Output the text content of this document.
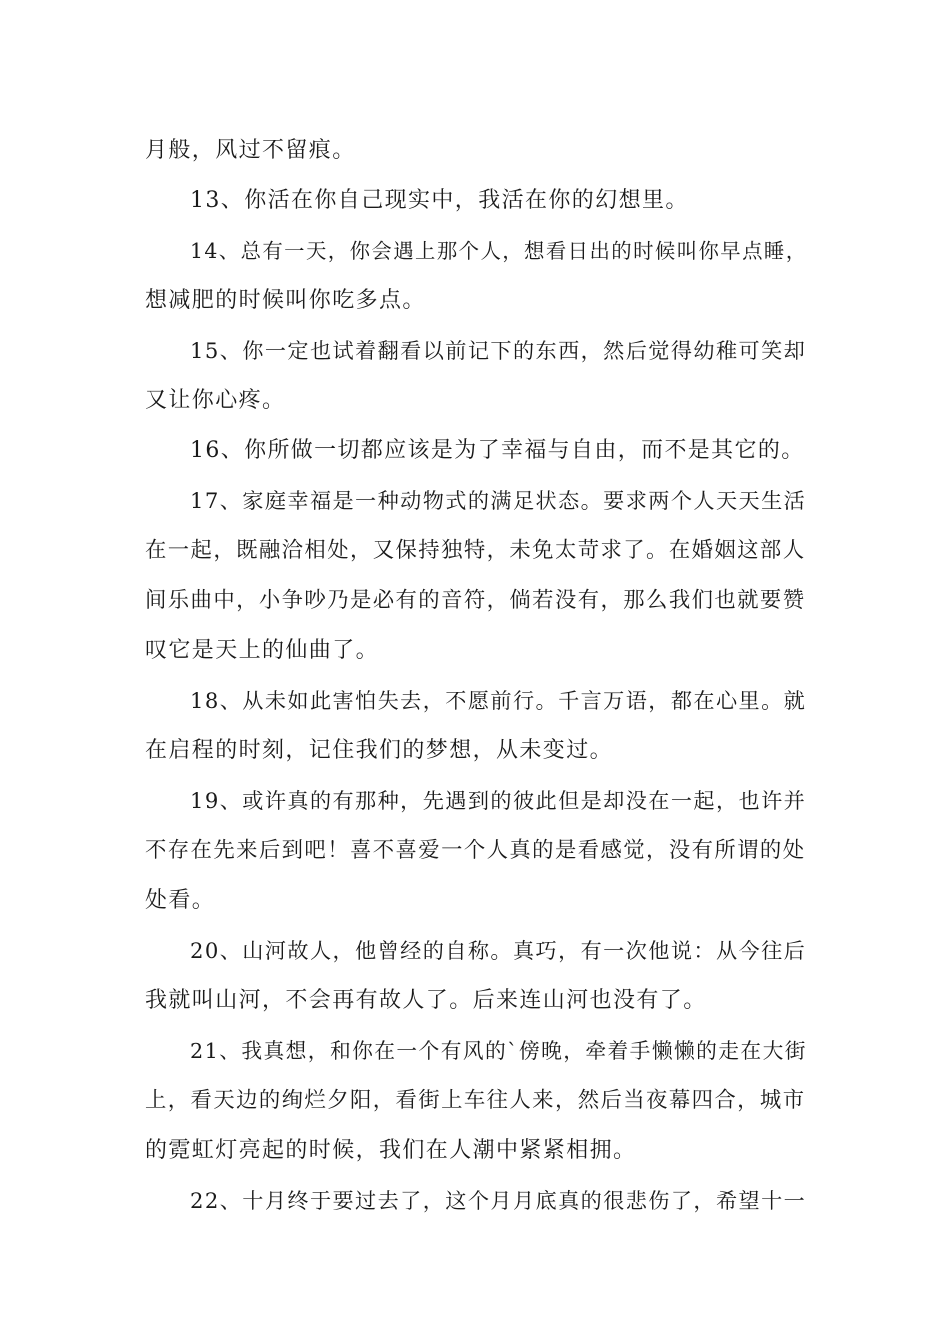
月般，风过不留痕。

13、你活在你自己现实中，我活在你的幻想里。

14、总有一天，你会遇上那个人，想看日出的时候叫你早点睡，

想减肥的时候叫你吃多点。

15、你一定也试着翻看以前记下的东西，然后觉得幼稚可笑却

又让你心疼。

16、你所做一切都应该是为了幸福与自由，而不是其它的。

17、家庭幸福是一种动物式的满足状态。要求两个人天天生活

在一起，既融洽相处，又保持独特，未免太苛求了。在婚姻这部人

间乐曲中，小争吵乃是必有的音符，倘若没有，那么我们也就要赞

叹它是天上的仙曲了。

18、从未如此害怕失去，不愿前行。千言万语，都在心里。就

在启程的时刻，记住我们的梦想，从未变过。

19、或许真的有那种，先遇到的彼此但是却没在一起，也许并

不存在先来后到吧！喜不喜爱一个人真的是看感觉，没有所谓的处

处看。

20、山河故人，他曾经的自称。真巧，有一次他说：从今往后

我就叫山河，不会再有故人了。后来连山河也没有了。

21、我真想，和你在一个有风的`傍晚，牵着手懒懒的走在大街

上，看天边的绚烂夕阳，看街上车往人来，然后当夜幕四合，城市

的霓虹灯亮起的时候，我们在人潮中紧紧相拥。

22、十月终于要过去了，这个月月底真的很悲伤了，希望十一
